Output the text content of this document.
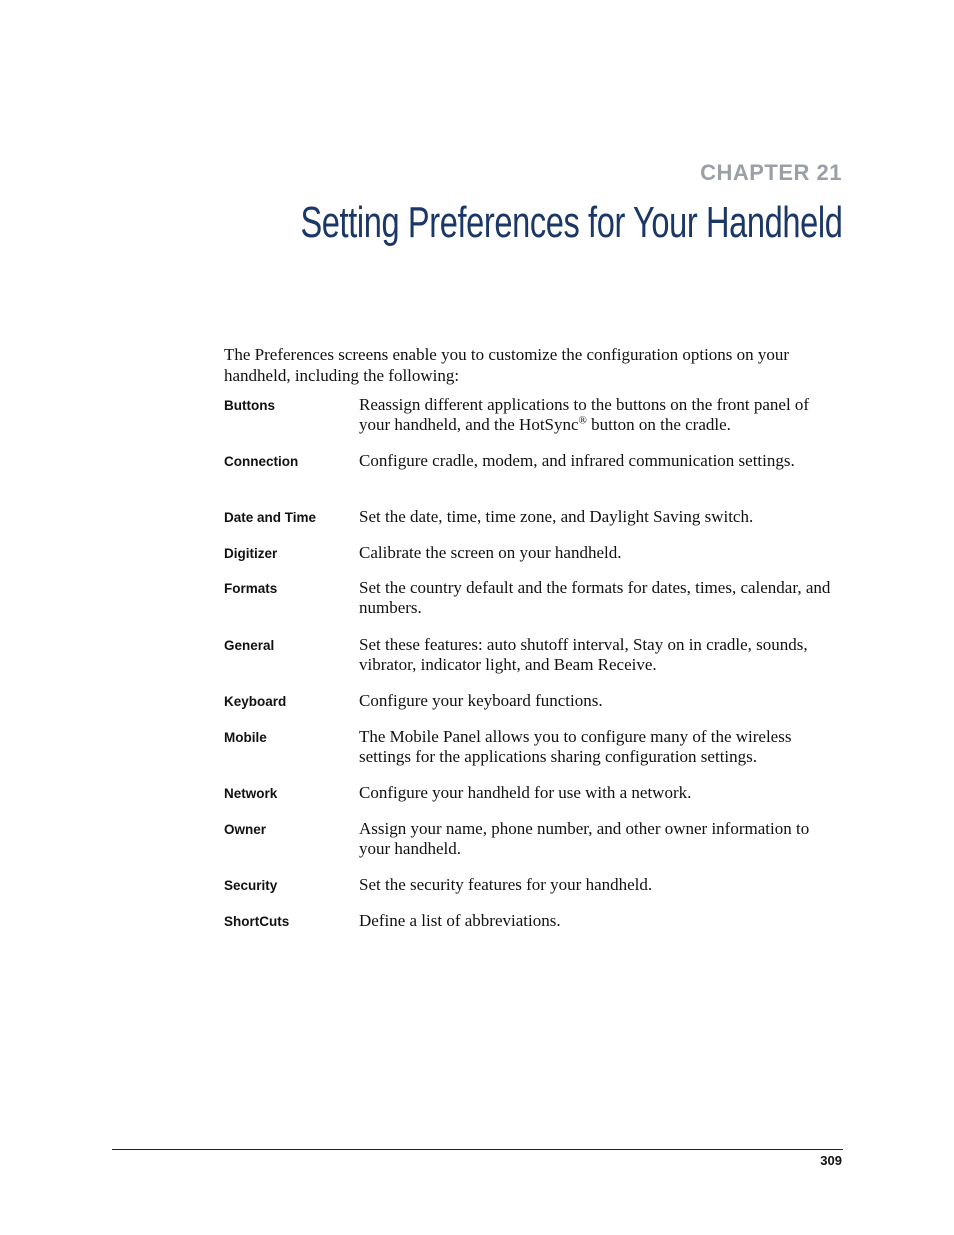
CHAPTER 21
Setting Preferences for Your Handheld

The Preferences screens enable you to customize the configuration options on your handheld, including the following:

Buttons	Reassign different applications to the buttons on the front panel of your handheld, and the HotSync® button on the cradle.
Connection	Configure cradle, modem, and infrared communication settings.
Date and Time	Set the date, time, time zone, and Daylight Saving switch.
Digitizer	Calibrate the screen on your handheld.
Formats	Set the country default and the formats for dates, times, calendar, and numbers.
General	Set these features: auto shutoff interval, Stay on in cradle, sounds, vibrator, indicator light, and Beam Receive.
Keyboard	Configure your keyboard functions.
Mobile	The Mobile Panel allows you to configure many of the wireless settings for the applications sharing configuration settings.
Network	Configure your handheld for use with a network.
Owner	Assign your name, phone number, and other owner information to your handheld.
Security	Set the security features for your handheld.
ShortCuts	Define a list of abbreviations.
309
